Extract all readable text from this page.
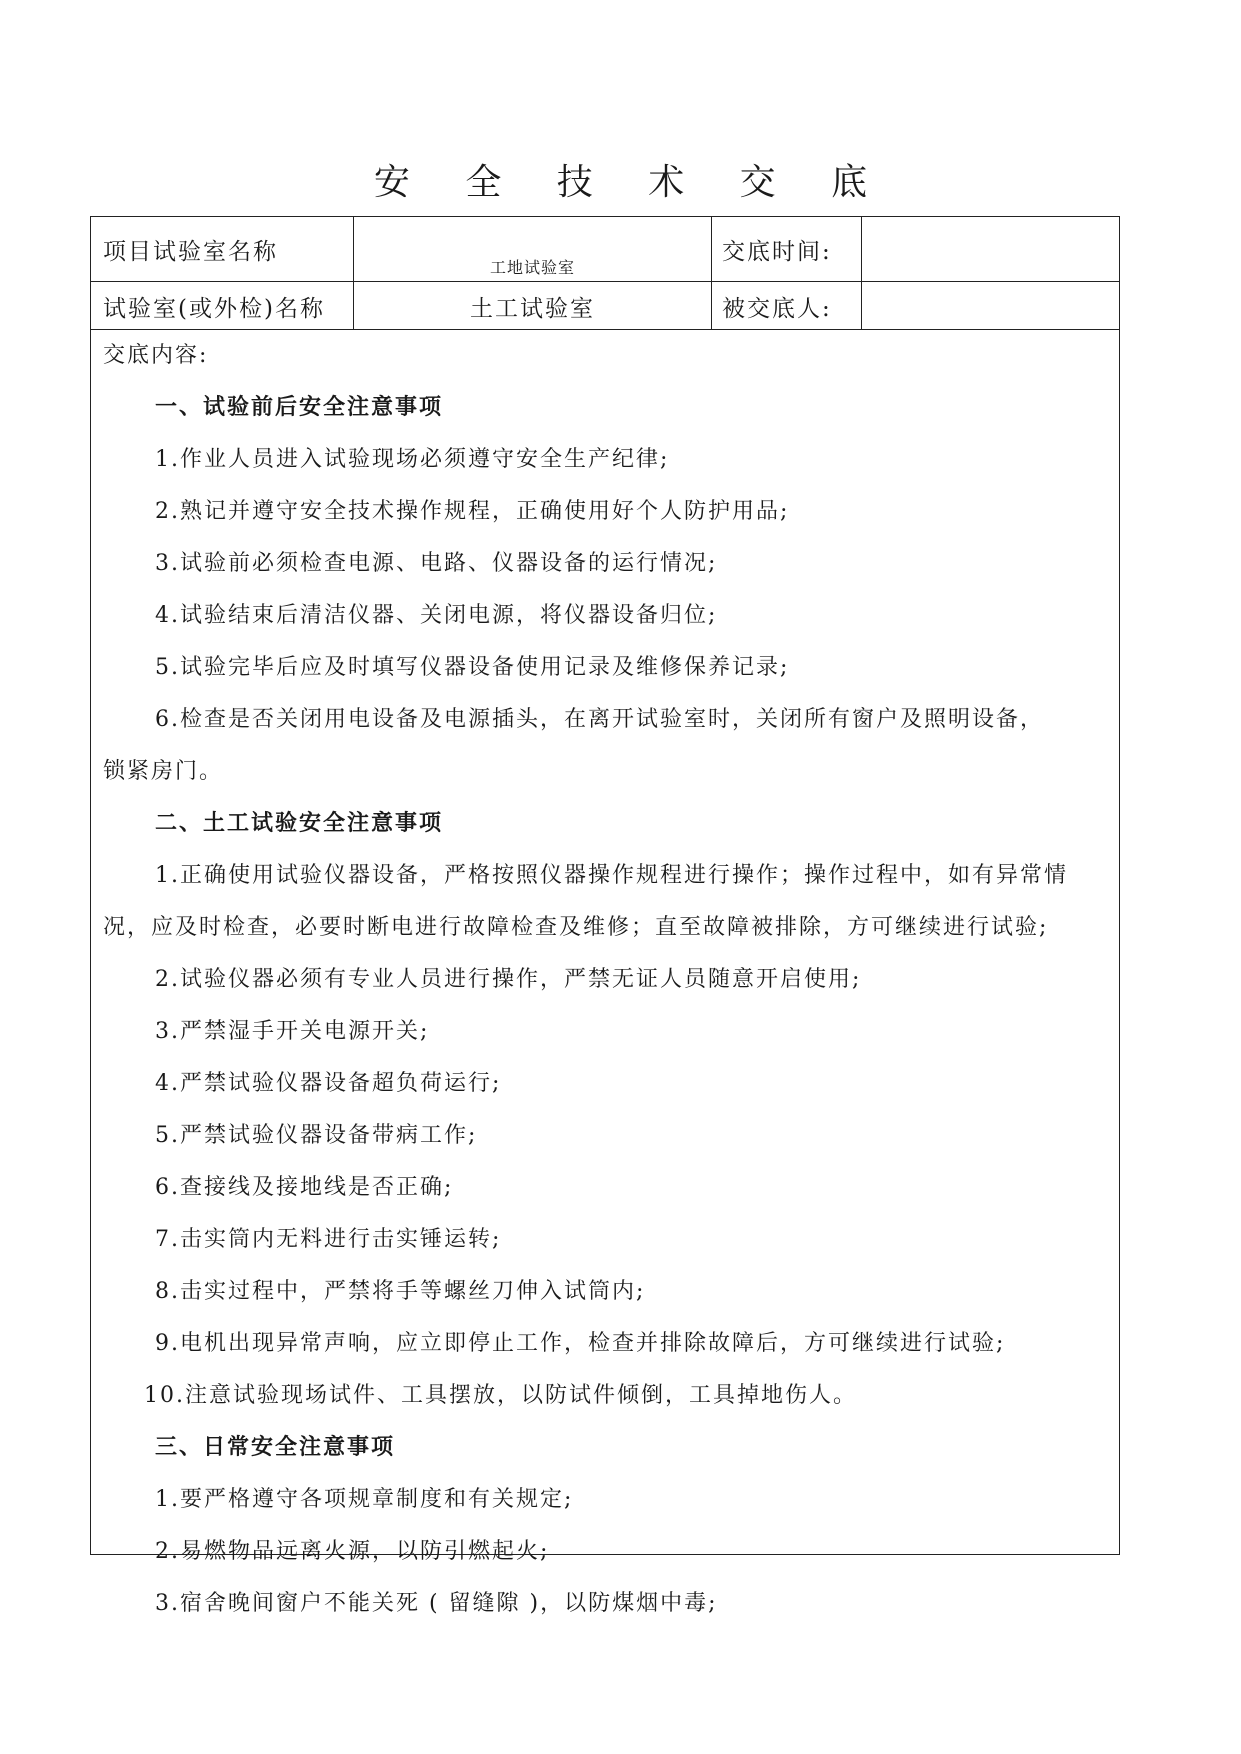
安 全 技 术 交 底
项目试验室名称
工地试验室
交底时间:
试验室(或外检)名称	土工试验室	被交底人:
交底内容:
一、试验前后安全注意事项
1.作业人员进入试验现场必须遵守安全生产纪律;
2.熟记并遵守安全技术操作规程，正确使用好个人防护用品;
3.试验前必须检查电源、电路、仪器设备的运行情况;
4.试验结束后清洁仪器、关闭电源，将仪器设备归位;
5.试验完毕后应及时填写仪器设备使用记录及维修保养记录;
6.检查是否关闭用电设备及电源插头，在离开试验室时，关闭所有窗户及照明设备，
锁紧房门。
二、土工试验安全注意事项
1.正确使用试验仪器设备，严格按照仪器操作规程进行操作；操作过程中，如有异常情
况，应及时检查，必要时断电进行故障检查及维修；直至故障被排除，方可继续进行试验;
2.试验仪器必须有专业人员进行操作，严禁无证人员随意开启使用;
3.严禁湿手开关电源开关;
4.严禁试验仪器设备超负荷运行;
5.严禁试验仪器设备带病工作;
6.查接线及接地线是否正确;
7.击实筒内无料进行击实锤运转;
8.击实过程中，严禁将手等螺丝刀伸入试筒内;
9.电机出现异常声响，应立即停止工作，检查并排除故障后，方可继续进行试验;
10.注意试验现场试件、工具摆放，以防试件倾倒，工具掉地伤人。
三、日常安全注意事项
1.要严格遵守各项规章制度和有关规定;
2.易燃物品远离火源，以防引燃起火;
3.宿舍晚间窗户不能关死 ( 留缝隙 )，以防煤烟中毒;
